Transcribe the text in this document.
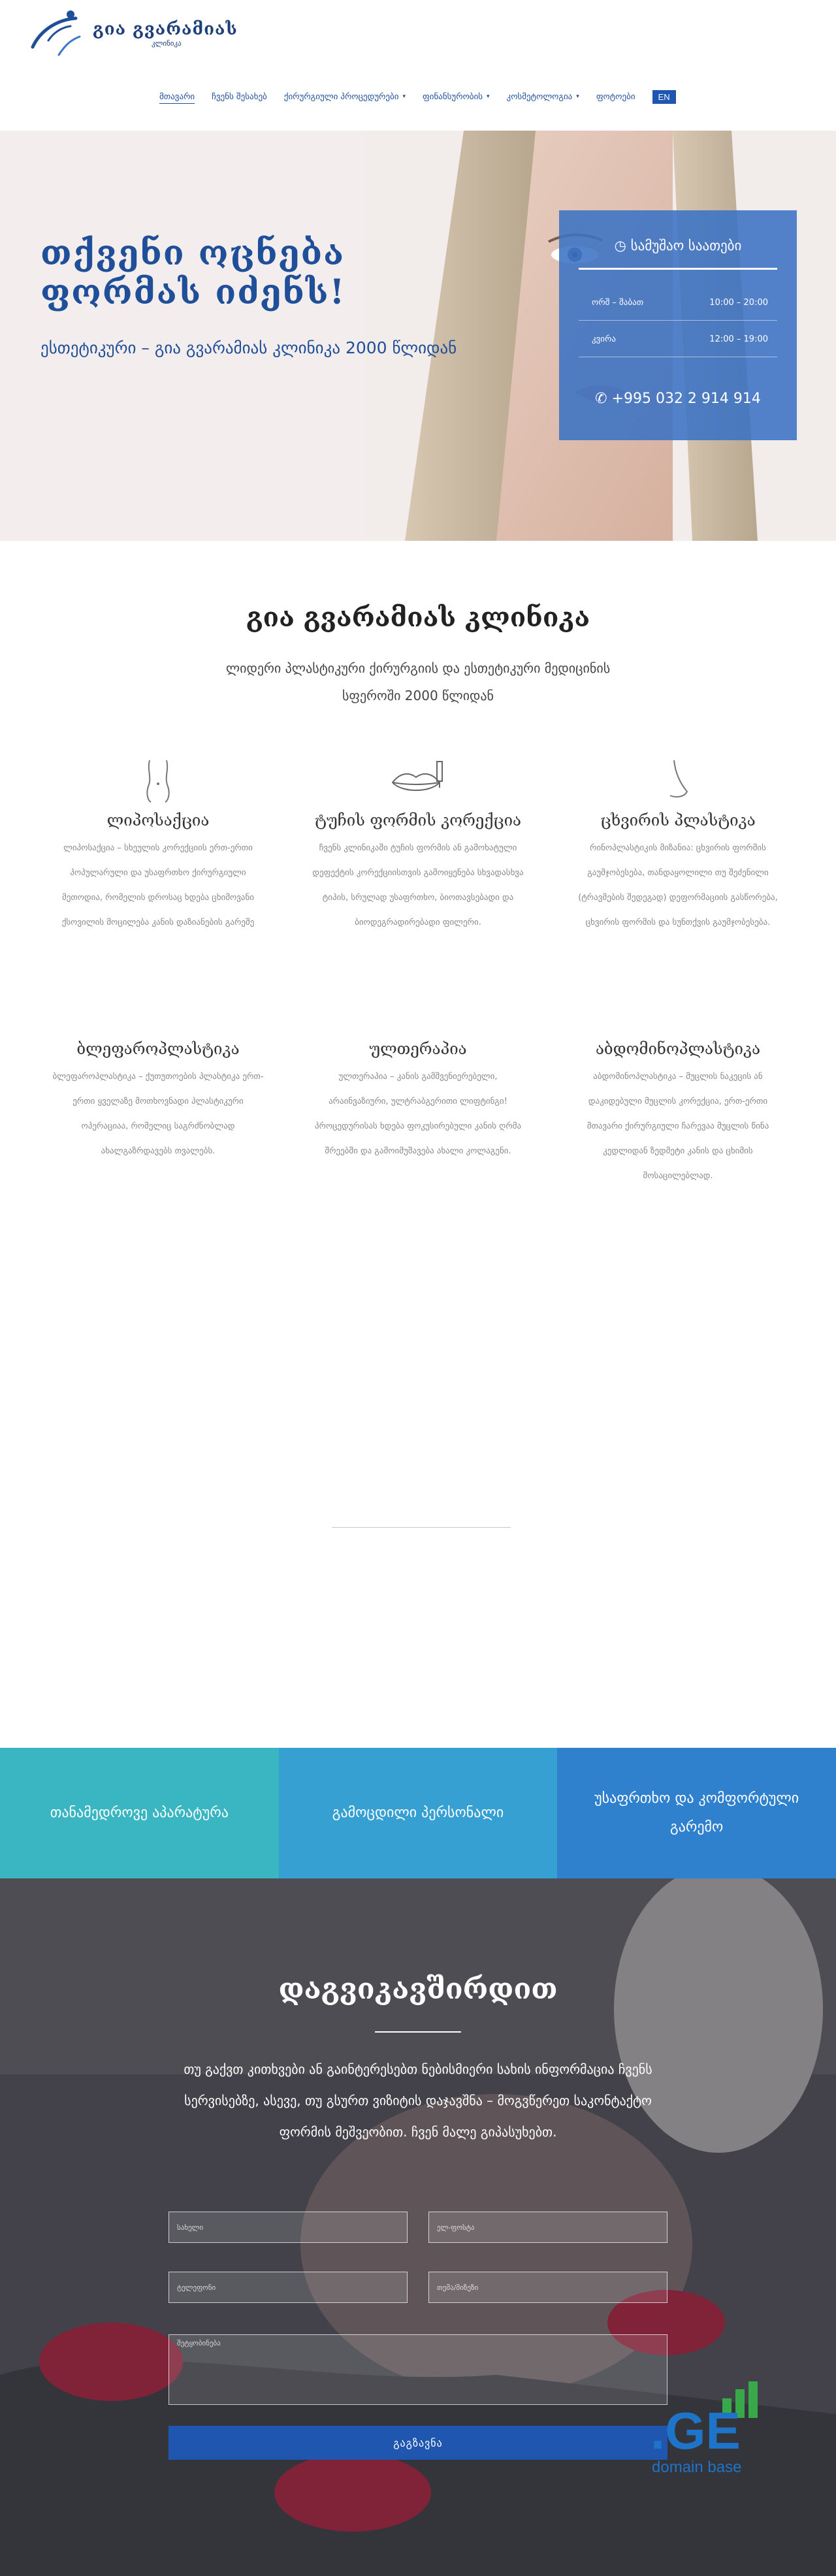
გია გვარამიას
კლინიკა
მთავარი ჩვენს შესახებ ქირურგიული პროცედურები ▾ ფინანსურობის ▾ კოსმეტოლოგია ▾ ფოტოები	EN
თქვენი ოცნება
ფორმას იძენს!
ესთეტიკური – გია გვარამიას კლინიკა 2000 წლიდან
◷ სამუშაო საათები
ორშ – შაბათ	10:00 – 20:00
კვირა	12:00 – 19:00
✆ +995 032 2 914 914
გია გვარამიას კლინიკა
ლიდერი პლასტიკური ქირურგიის და ესთეტიკური მედიცინის
სფეროში 2000 წლიდან
ლიპოსაქცია
ლიპოსაქცია – სხეულის კორექციის ერთ-ერთი პოპულარული და უსაფრთხო ქირურგიული მეთოდია, რომელის დროსაც ხდება ცხიმოვანი ქსოვილის მოცილება კანის დაზიანების გარეშე
ტუჩის ფორმის კორექცია
ჩვენს კლინიკაში ტუჩის ფორმის ან გამოხატული დეფექტის კორექციისთვის გამოიყენება სხვადასხვა ტიპის, სრულად უსაფრთხო, ბიოთავსებადი და ბიოდეგრადირებადი ფილერი.
ცხვირის პლასტიკა
რინოპლასტიკის მიზანია: ცხვირის ფორმის გაუმჯობესება, თანდაყოლილი თუ შეძენილი (ტრავმების შედეგად) დეფორმაციის გასწორება, ცხვირის ფორმის და სუნთქვის გაუმჯობესება.
ბლეფაროპლასტიკა
ბლეფაროპლასტიკა – ქუთუთოების პლასტიკა ერთ-ერთი ყველაზე მოთხოვნადი პლასტიკური ოპერაციაა, რომელიც საგრძნობლად ახალგაზრდავებს თვალებს.
ულთერაპია
ულთერაპია – კანის გამშვენიერებელი, არაინვაზიური, ულტრაბგერითი ლიფტინგი! პროცედურისას ხდება ფოკუსირებული კანის ღრმა შრეებში და გამოიმუშავება ახალი კოლაგენი.
აბდომინოპლასტიკა
აბდომინოპლასტიკა – მუცლის ნაკეცის ან დაკიდებული მუცლის კორექცია, ერთ-ერთი მთავარი ქირურგიული ჩარევაა მუცლის წინა კედლიდან ზედმეტი კანის და ცხიმის მოსაცილებლად.
თანამედროვე აპარატურა	გამოცდილი პერსონალი
უსაფრთხო და კომფორტული გარემო
დაგვიკავშირდით

თუ გაქვთ კითხვები ან გაინტერესებთ ნებისმიერი სახის ინფორმაცია ჩვენს სერვისებზე, ასევე, თუ გსურთ ვიზიტის დაჯავშნა – მოგვწერეთ საკონტაქტო ფორმის მეშვეობით. ჩვენ მალე გიპასუხებთ.

სახელი
ელ-ფოსტა
ტელეფონი
თემა/მიზეზი
შეტყობინება
გაგზავნა	.GE
domain base
